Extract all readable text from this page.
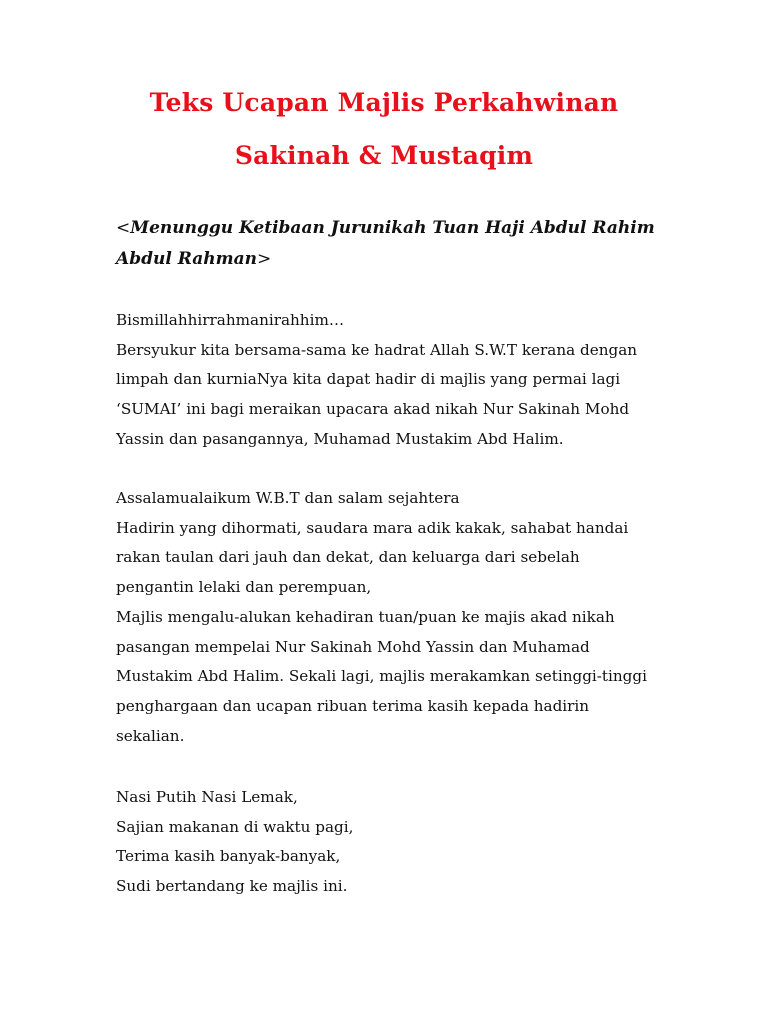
Teks Ucapan Majlis Perkahwinan
Sakinah & Mustaqim
<Menunggu Ketibaan Jurunikah Tuan Haji Abdul Rahim
Abdul Rahman>
Bismillahhirrahmanirahhim…
Bersyukur kita bersama-sama ke hadrat Allah S.W.T kerana dengan
limpah dan kurniaNya kita dapat hadir di majlis yang permai lagi
‘SUMAI’ ini bagi meraikan upacara akad nikah Nur Sakinah Mohd
Yassin dan pasangannya, Muhamad Mustakim Abd Halim.
Assalamualaikum W.B.T dan salam sejahtera
Hadirin yang dihormati, saudara mara adik kakak, sahabat handai
rakan taulan dari jauh dan dekat, dan keluarga dari sebelah
pengantin lelaki dan perempuan,
Majlis mengalu-alukan kehadiran tuan/puan ke majis akad nikah
pasangan mempelai Nur Sakinah Mohd Yassin dan Muhamad
Mustakim Abd Halim. Sekali lagi, majlis merakamkan setinggi-tinggi
penghargaan dan ucapan ribuan terima kasih kepada hadirin
sekalian.
Nasi Putih Nasi Lemak,
Sajian makanan di waktu pagi,
Terima kasih banyak-banyak,
Sudi bertandang ke majlis ini.
